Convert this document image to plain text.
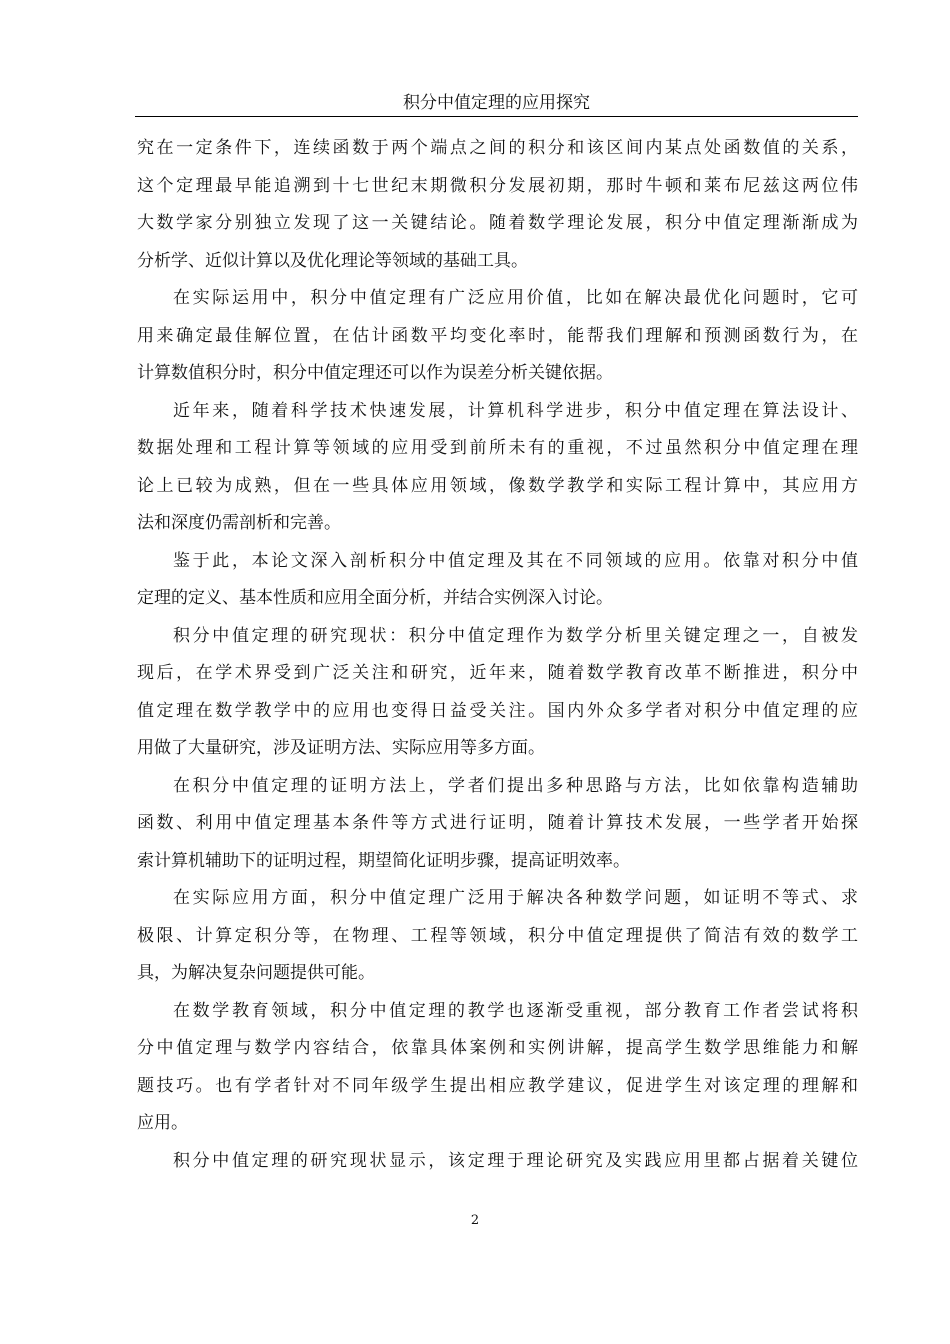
积分中值定理的应用探究
究在一定条件下，连续函数于两个端点之间的积分和该区间内某点处函数值的关系，
这个定理最早能追溯到十七世纪末期微积分发展初期，那时牛顿和莱布尼兹这两位伟
大数学家分别独立发现了这一关键结论。随着数学理论发展，积分中值定理渐渐成为
分析学、近似计算以及优化理论等领域的基础工具。
在实际运用中，积分中值定理有广泛应用价值，比如在解决最优化问题时，它可
用来确定最佳解位置，在估计函数平均变化率时，能帮我们理解和预测函数行为，在
计算数值积分时，积分中值定理还可以作为误差分析关键依据。
近年来，随着科学技术快速发展，计算机科学进步，积分中值定理在算法设计、
数据处理和工程计算等领域的应用受到前所未有的重视，不过虽然积分中值定理在理
论上已较为成熟，但在一些具体应用领域，像数学教学和实际工程计算中，其应用方
法和深度仍需剖析和完善。
鉴于此，本论文深入剖析积分中值定理及其在不同领域的应用。依靠对积分中值
定理的定义、基本性质和应用全面分析，并结合实例深入讨论。
积分中值定理的研究现状：积分中值定理作为数学分析里关键定理之一，自被发
现后，在学术界受到广泛关注和研究，近年来，随着数学教育改革不断推进，积分中
值定理在数学教学中的应用也变得日益受关注。国内外众多学者对积分中值定理的应
用做了大量研究，涉及证明方法、实际应用等多方面。
在积分中值定理的证明方法上，学者们提出多种思路与方法，比如依靠构造辅助
函数、利用中值定理基本条件等方式进行证明，随着计算技术发展，一些学者开始探
索计算机辅助下的证明过程，期望简化证明步骤，提高证明效率。
在实际应用方面，积分中值定理广泛用于解决各种数学问题，如证明不等式、求
极限、计算定积分等，在物理、工程等领域，积分中值定理提供了简洁有效的数学工
具，为解决复杂问题提供可能。
在数学教育领域，积分中值定理的教学也逐渐受重视，部分教育工作者尝试将积
分中值定理与数学内容结合，依靠具体案例和实例讲解，提高学生数学思维能力和解
题技巧。也有学者针对不同年级学生提出相应教学建议，促进学生对该定理的理解和
应用。
积分中值定理的研究现状显示，该定理于理论研究及实践应用里都占据着关键位
2
